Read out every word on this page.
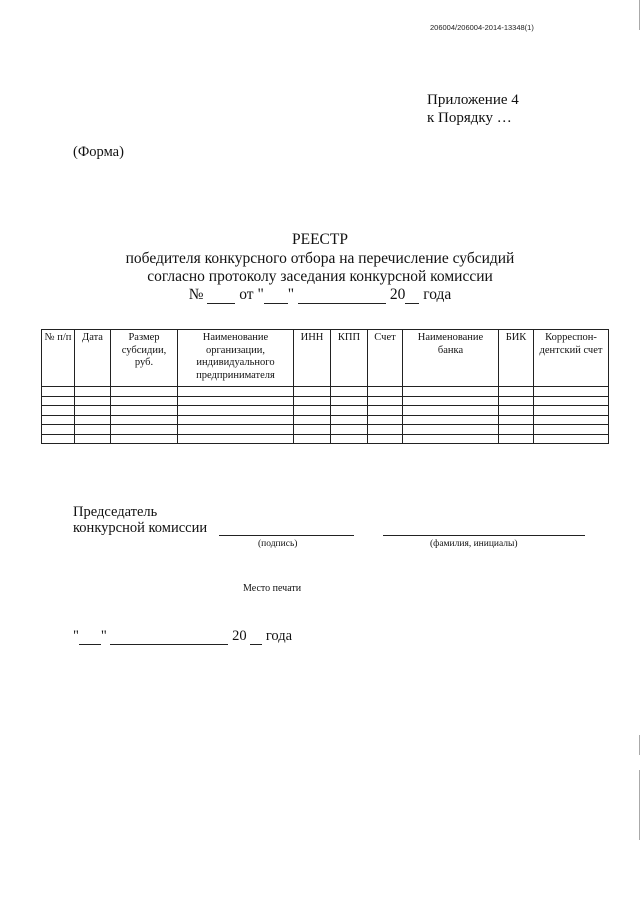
206004/206004-2014-13348(1)
Приложение 4
к Порядку …
(Форма)
РЕЕСТР
победителя конкурсного отбора на перечисление субсидий
согласно протоколу заседания конкурсной комиссии
№ от " "	20 года
№ п/п	Дата	Размер субсидии, руб.	Наименование организации, индивидуального предпринимателя	ИНН	КПП	Счет	Наименование банка	БИК	Корреспон-дентский счет

Председатель
конкурсной комиссии
(подпись)	(фамилия, инициалы)
Место печати
" "	20 года
